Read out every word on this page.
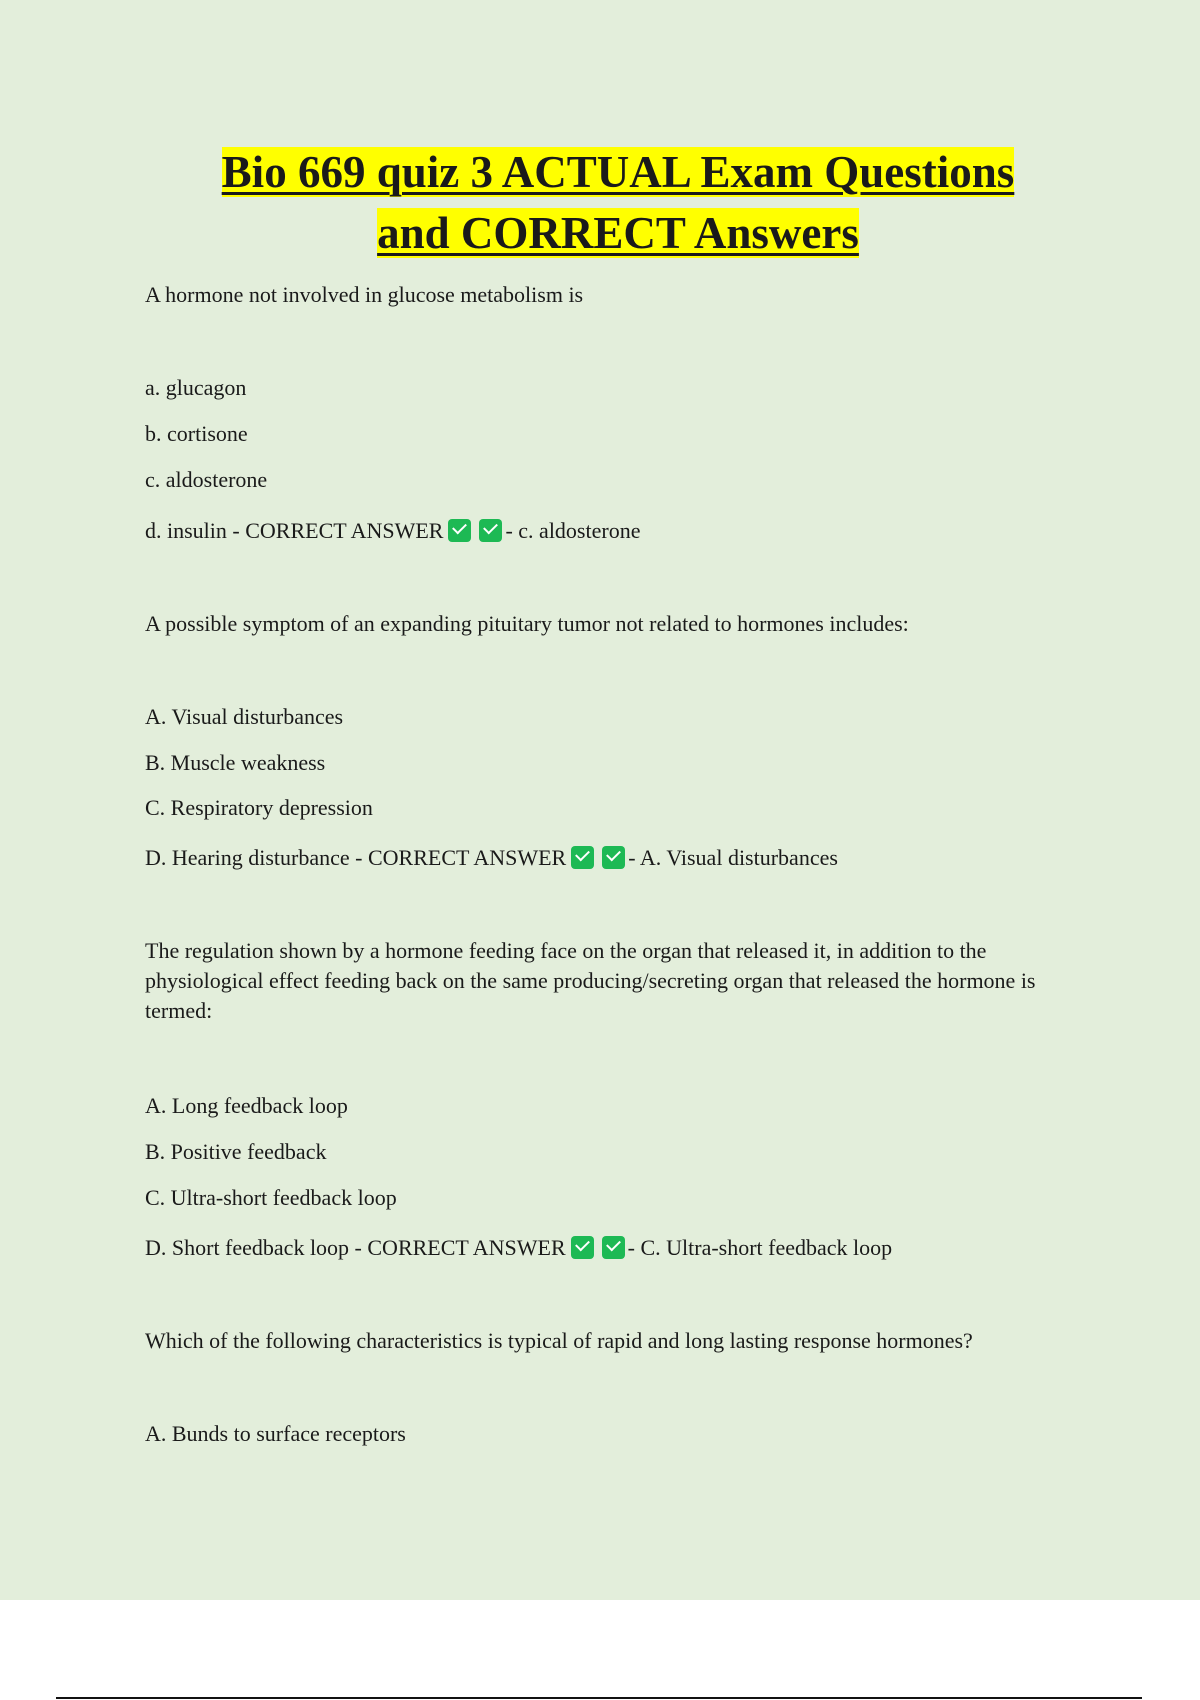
Bio 669 quiz 3 ACTUAL Exam Questions
and CORRECT Answers
A hormone not involved in glucose metabolism is
a. glucagon
b. cortisone
c. aldosterone
d. insulin - CORRECT ANSWER	- c. aldosterone
A possible symptom of an expanding pituitary tumor not related to hormones includes:
A. Visual disturbances
B. Muscle weakness
C. Respiratory depression
D. Hearing disturbance - CORRECT ANSWER	- A. Visual disturbances
The regulation shown by a hormone feeding face on the organ that released it, in addition to the physiological effect feeding back on the same producing/secreting organ that released the hormone is termed:
A. Long feedback loop
B. Positive feedback
C. Ultra-short feedback loop
D. Short feedback loop - CORRECT ANSWER	- C. Ultra-short feedback loop
Which of the following characteristics is typical of rapid and long lasting response hormones?
A. Bunds to surface receptors
